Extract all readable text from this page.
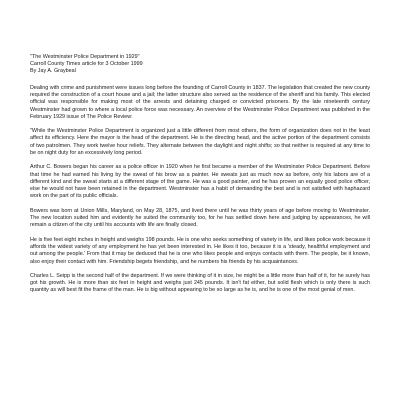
"The Westminster Police Department in 1929"

Carroll County Times article for 3 October 1999

By Jay A. Graybeal

Dealing with crime and punishment were issues long before the founding of Carroll County in 1837. The legislation that created the new county required the construction of a court house and a jail; the latter structure also served as the residence of the sheriff and his family. This elected official was responsible for making most of the arrests and detaining charged or convicted prisoners. By the late nineteenth century Westminster had grown to where a local police force was necessary. An overview of the Westminster Police Department was published in the February 1929 issue of The Police Review:

"While the Westminster Police Department is organized just a little different from most others, the form of organization does not in the least affect its efficiency. Here the mayor is the head of the department. He is the directing head, and the active portion of the department consists of two patrolmen. They work twelve hour reliefs. They alternate between the daylight and night shifts; so that neither is required at any time to be on night duty for an excessively long period.

Arthur C. Bowers began his career as a police officer in 1920 when he first became a member of the Westminster Police Department. Before that time he had earned his living by the sweat of his brow as a painter. He sweats just as much now as before, only his labors are of a different kind and the sweat starts at a different stage of the game. He was a good painter, and he has proven an equally good police officer, else he would not have been retained in the department. Westminster has a habit of demanding the best and is not satisfied with haphazard work on the part of its public officials.

Bowers was born at Union Mills, Maryland, on May 28, 1875, and lived there until he was thirty years of age before moving to Westminster. The new location suited him and evidently he suited the community too, for he has settled down here and judging by appearances, he will remain a citizen of the city until his accounts with life are finally closed.

He is five feet eight inches in height and weighs 198 pounds. He is one who seeks something of variety in life, and likes police work because it affords the widest variety of any employment he has yet been interested in. He likes it too, because it is a 'steady, healthful employment and out among the people.' From that it may be deduced that he is one who likes people and enjoys contacts with them. The people, be it known, also enjoy their contact with him. Friendship begets friendship, and he numbers his friends by his acquaintances.

Charles L. Seipp is the second half of the department. If we were thinking of it in size, he might be a little more than half of it, for he surely has got his growth. He is more than six feet in height and weighs just 245 pounds. It isn't fat either, but solid flesh which is only there is such quantity as will best fit the frame of the man. He is big without appearing to be so large as he is, and he is one of the most genial of men.
